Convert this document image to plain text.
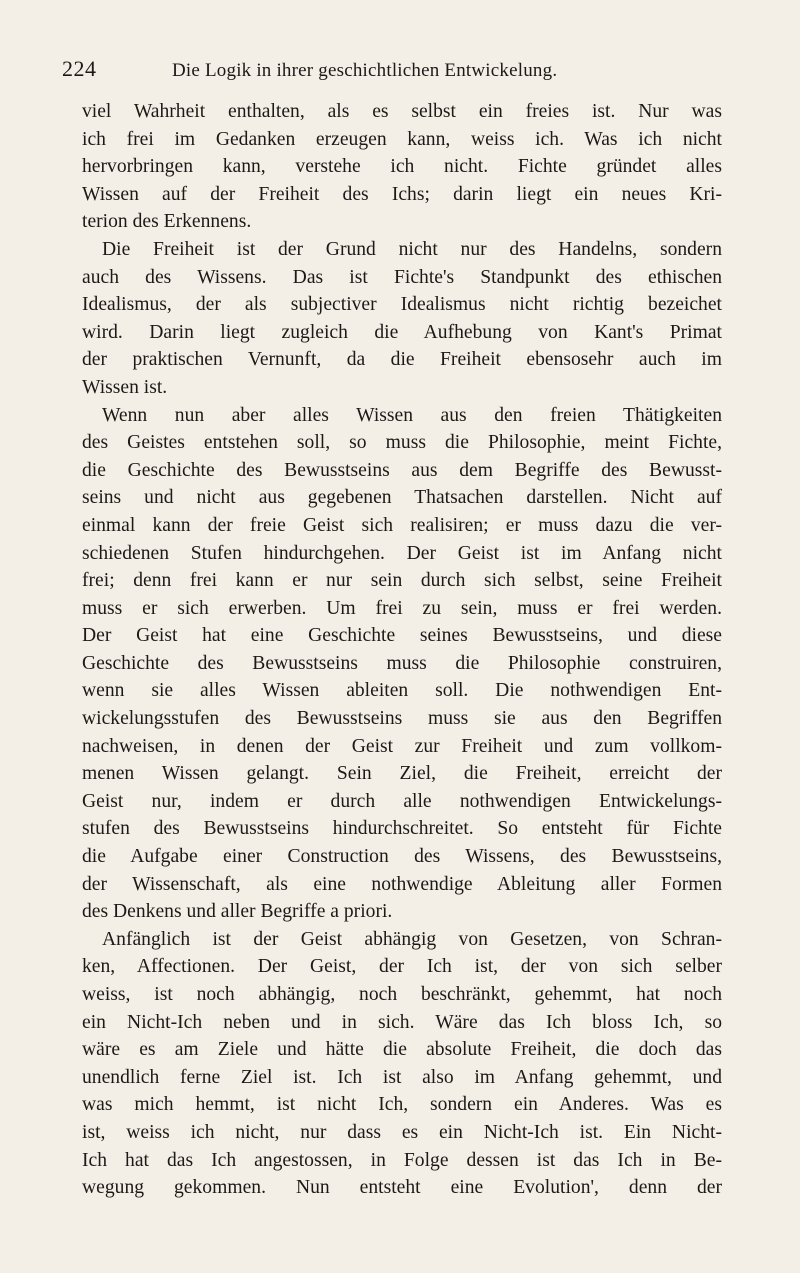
224	Die Logik in ihrer geschichtlichen Entwickelung.
viel Wahrheit enthalten, als es selbst ein freies ist. Nur was
ich frei im Gedanken erzeugen kann, weiss ich. Was ich nicht
hervorbringen kann, verstehe ich nicht. Fichte gründet alles
Wissen auf der Freiheit des Ichs; darin liegt ein neues Kri-
terion des Erkennens.
Die Freiheit ist der Grund nicht nur des Handelns, sondern
auch des Wissens. Das ist Fichte's Standpunkt des ethischen
Idealismus, der als subjectiver Idealismus nicht richtig bezeichet
wird. Darin liegt zugleich die Aufhebung von Kant's Primat
der praktischen Vernunft, da die Freiheit ebensosehr auch im
Wissen ist.
Wenn nun aber alles Wissen aus den freien Thätigkeiten
des Geistes entstehen soll, so muss die Philosophie, meint Fichte,
die Geschichte des Bewusstseins aus dem Begriffe des Bewusst-
seins und nicht aus gegebenen Thatsachen darstellen. Nicht auf
einmal kann der freie Geist sich realisiren; er muss dazu die ver-
schiedenen Stufen hindurchgehen. Der Geist ist im Anfang nicht
frei; denn frei kann er nur sein durch sich selbst, seine Freiheit
muss er sich erwerben. Um frei zu sein, muss er frei werden.
Der Geist hat eine Geschichte seines Bewusstseins, und diese
Geschichte des Bewusstseins muss die Philosophie construiren,
wenn sie alles Wissen ableiten soll. Die nothwendigen Ent-
wickelungsstufen des Bewusstseins muss sie aus den Begriffen
nachweisen, in denen der Geist zur Freiheit und zum vollkom-
menen Wissen gelangt. Sein Ziel, die Freiheit, erreicht der
Geist nur, indem er durch alle nothwendigen Entwickelungs-
stufen des Bewusstseins hindurchschreitet. So entsteht für Fichte
die Aufgabe einer Construction des Wissens, des Bewusstseins,
der Wissenschaft, als eine nothwendige Ableitung aller Formen
des Denkens und aller Begriffe a priori.
Anfänglich ist der Geist abhängig von Gesetzen, von Schran-
ken, Affectionen. Der Geist, der Ich ist, der von sich selber
weiss, ist noch abhängig, noch beschränkt, gehemmt, hat noch
ein Nicht-Ich neben und in sich. Wäre das Ich bloss Ich, so
wäre es am Ziele und hätte die absolute Freiheit, die doch das
unendlich ferne Ziel ist. Ich ist also im Anfang gehemmt, und
was mich hemmt, ist nicht Ich, sondern ein Anderes. Was es
ist, weiss ich nicht, nur dass es ein Nicht-Ich ist. Ein Nicht-
Ich hat das Ich angestossen, in Folge dessen ist das Ich in Be-
wegung gekommen. Nun entsteht eine Evolution', denn der
